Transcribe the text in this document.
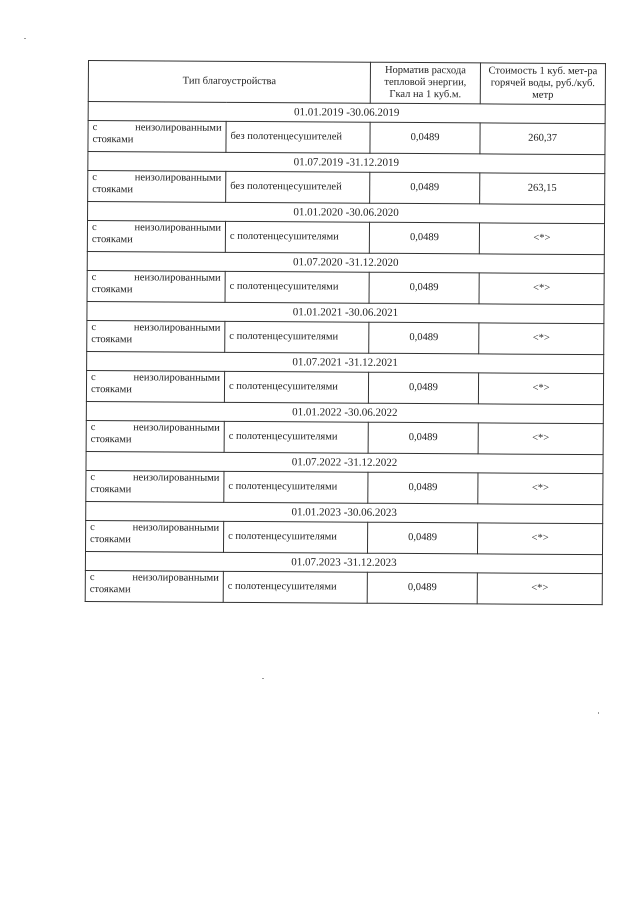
Тип благоустройства		Норматив расхода тепловой энергии, Гкал на 1 куб.м.	Стоимость 1 куб. мет-ра горячей воды, руб./куб. метр
01.01.2019 -30.06.2019			
с неизолированными
стояками	без полотенцесушителей	0,0489	260,37
01.07.2019 -31.12.2019			
с неизолированными
стояками	без полотенцесушителей	0,0489	263,15
01.01.2020 -30.06.2020			
с неизолированными
стояками	с полотенцесушителями	0,0489	<*>
01.07.2020 -31.12.2020			
с неизолированными
стояками	с полотенцесушителями	0,0489	<*>
01.01.2021 -30.06.2021			
с неизолированными
стояками	с полотенцесушителями	0,0489	<*>
01.07.2021 -31.12.2021			
с неизолированными
стояками	с полотенцесушителями	0,0489	<*>
01.01.2022 -30.06.2022			
с неизолированными
стояками	с полотенцесушителями	0,0489	<*>
01.07.2022 -31.12.2022			
с неизолированными
стояками	с полотенцесушителями	0,0489	<*>
01.01.2023 -30.06.2023			
с неизолированными
стояками	с полотенцесушителями	0,0489	<*>
01.07.2023 -31.12.2023			
с неизолированными
стояками	с полотенцесушителями	0,0489	<*>
